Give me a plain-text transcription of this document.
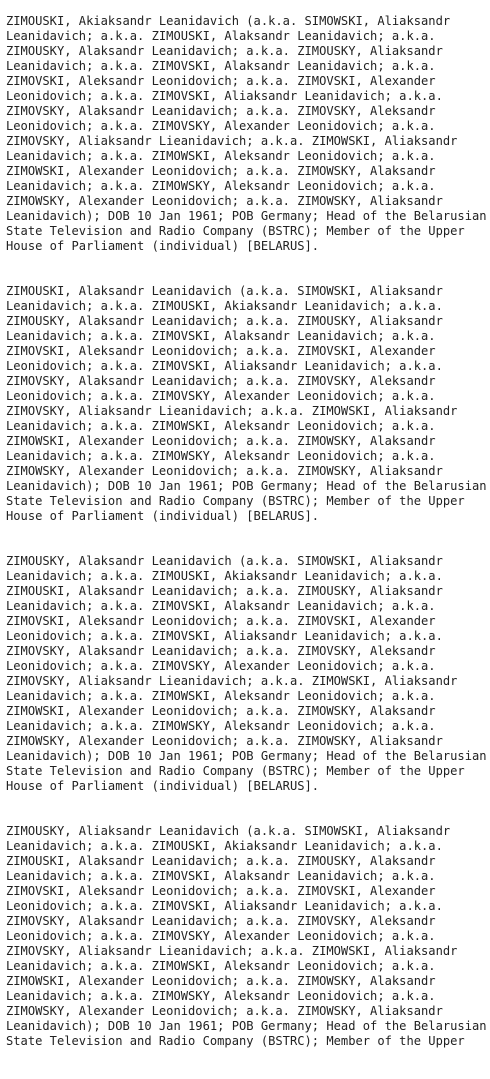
ZIMOUSKI, Akiaksandr Leanidavich (a.k.a. SIMOWSKI, Aliaksandr
Leanidavich; a.k.a. ZIMOUSKI, Alaksandr Leanidavich; a.k.a.
ZIMOUSKY, Alaksandr Leanidavich; a.k.a. ZIMOUSKY, Aliaksandr
Leanidavich; a.k.a. ZIMOVSKI, Alaksandr Leanidavich; a.k.a.
ZIMOVSKI, Aleksandr Leonidovich; a.k.a. ZIMOVSKI, Alexander
Leonidovich; a.k.a. ZIMOVSKI, Aliaksandr Leanidavich; a.k.a.
ZIMOVSKY, Alaksandr Leanidavich; a.k.a. ZIMOVSKY, Aleksandr
Leonidovich; a.k.a. ZIMOVSKY, Alexander Leonidovich; a.k.a.
ZIMOVSKY, Aliaksandr Lieanidavich; a.k.a. ZIMOWSKI, Aliaksandr
Leanidavich; a.k.a. ZIMOWSKI, Aleksandr Leonidovich; a.k.a.
ZIMOWSKI, Alexander Leonidovich; a.k.a. ZIMOWSKY, Alaksandr
Leanidavich; a.k.a. ZIMOWSKY, Aleksandr Leonidovich; a.k.a.
ZIMOWSKY, Alexander Leonidovich; a.k.a. ZIMOWSKY, Aliaksandr
Leanidavich); DOB 10 Jan 1961; POB Germany; Head of the Belarusian
State Television and Radio Company (BSTRC); Member of the Upper
House of Parliament (individual) [BELARUS].
ZIMOUSKI, Alaksandr Leanidavich (a.k.a. SIMOWSKI, Aliaksandr
Leanidavich; a.k.a. ZIMOUSKI, Akiaksandr Leanidavich; a.k.a.
ZIMOUSKY, Alaksandr Leanidavich; a.k.a. ZIMOUSKY, Aliaksandr
Leanidavich; a.k.a. ZIMOVSKI, Alaksandr Leanidavich; a.k.a.
ZIMOVSKI, Aleksandr Leonidovich; a.k.a. ZIMOVSKI, Alexander
Leonidovich; a.k.a. ZIMOVSKI, Aliaksandr Leanidavich; a.k.a.
ZIMOVSKY, Alaksandr Leanidavich; a.k.a. ZIMOVSKY, Aleksandr
Leonidovich; a.k.a. ZIMOVSKY, Alexander Leonidovich; a.k.a.
ZIMOVSKY, Aliaksandr Lieanidavich; a.k.a. ZIMOWSKI, Aliaksandr
Leanidavich; a.k.a. ZIMOWSKI, Aleksandr Leonidovich; a.k.a.
ZIMOWSKI, Alexander Leonidovich; a.k.a. ZIMOWSKY, Alaksandr
Leanidavich; a.k.a. ZIMOWSKY, Aleksandr Leonidovich; a.k.a.
ZIMOWSKY, Alexander Leonidovich; a.k.a. ZIMOWSKY, Aliaksandr
Leanidavich); DOB 10 Jan 1961; POB Germany; Head of the Belarusian
State Television and Radio Company (BSTRC); Member of the Upper
House of Parliament (individual) [BELARUS].
ZIMOUSKY, Alaksandr Leanidavich (a.k.a. SIMOWSKI, Aliaksandr
Leanidavich; a.k.a. ZIMOUSKI, Akiaksandr Leanidavich; a.k.a.
ZIMOUSKI, Alaksandr Leanidavich; a.k.a. ZIMOUSKY, Aliaksandr
Leanidavich; a.k.a. ZIMOVSKI, Alaksandr Leanidavich; a.k.a.
ZIMOVSKI, Aleksandr Leonidovich; a.k.a. ZIMOVSKI, Alexander
Leonidovich; a.k.a. ZIMOVSKI, Aliaksandr Leanidavich; a.k.a.
ZIMOVSKY, Alaksandr Leanidavich; a.k.a. ZIMOVSKY, Aleksandr
Leonidovich; a.k.a. ZIMOVSKY, Alexander Leonidovich; a.k.a.
ZIMOVSKY, Aliaksandr Lieanidavich; a.k.a. ZIMOWSKI, Aliaksandr
Leanidavich; a.k.a. ZIMOWSKI, Aleksandr Leonidovich; a.k.a.
ZIMOWSKI, Alexander Leonidovich; a.k.a. ZIMOWSKY, Alaksandr
Leanidavich; a.k.a. ZIMOWSKY, Aleksandr Leonidovich; a.k.a.
ZIMOWSKY, Alexander Leonidovich; a.k.a. ZIMOWSKY, Aliaksandr
Leanidavich); DOB 10 Jan 1961; POB Germany; Head of the Belarusian
State Television and Radio Company (BSTRC); Member of the Upper
House of Parliament (individual) [BELARUS].
ZIMOUSKY, Aliaksandr Leanidavich (a.k.a. SIMOWSKI, Aliaksandr
Leanidavich; a.k.a. ZIMOUSKI, Akiaksandr Leanidavich; a.k.a.
ZIMOUSKI, Alaksandr Leanidavich; a.k.a. ZIMOUSKY, Alaksandr
Leanidavich; a.k.a. ZIMOVSKI, Alaksandr Leanidavich; a.k.a.
ZIMOVSKI, Aleksandr Leonidovich; a.k.a. ZIMOVSKI, Alexander
Leonidovich; a.k.a. ZIMOVSKI, Aliaksandr Leanidavich; a.k.a.
ZIMOVSKY, Alaksandr Leanidavich; a.k.a. ZIMOVSKY, Aleksandr
Leonidovich; a.k.a. ZIMOVSKY, Alexander Leonidovich; a.k.a.
ZIMOVSKY, Aliaksandr Lieanidavich; a.k.a. ZIMOWSKI, Aliaksandr
Leanidavich; a.k.a. ZIMOWSKI, Aleksandr Leonidovich; a.k.a.
ZIMOWSKI, Alexander Leonidovich; a.k.a. ZIMOWSKY, Alaksandr
Leanidavich; a.k.a. ZIMOWSKY, Aleksandr Leonidovich; a.k.a.
ZIMOWSKY, Alexander Leonidovich; a.k.a. ZIMOWSKY, Aliaksandr
Leanidavich); DOB 10 Jan 1961; POB Germany; Head of the Belarusian
State Television and Radio Company (BSTRC); Member of the Upper
